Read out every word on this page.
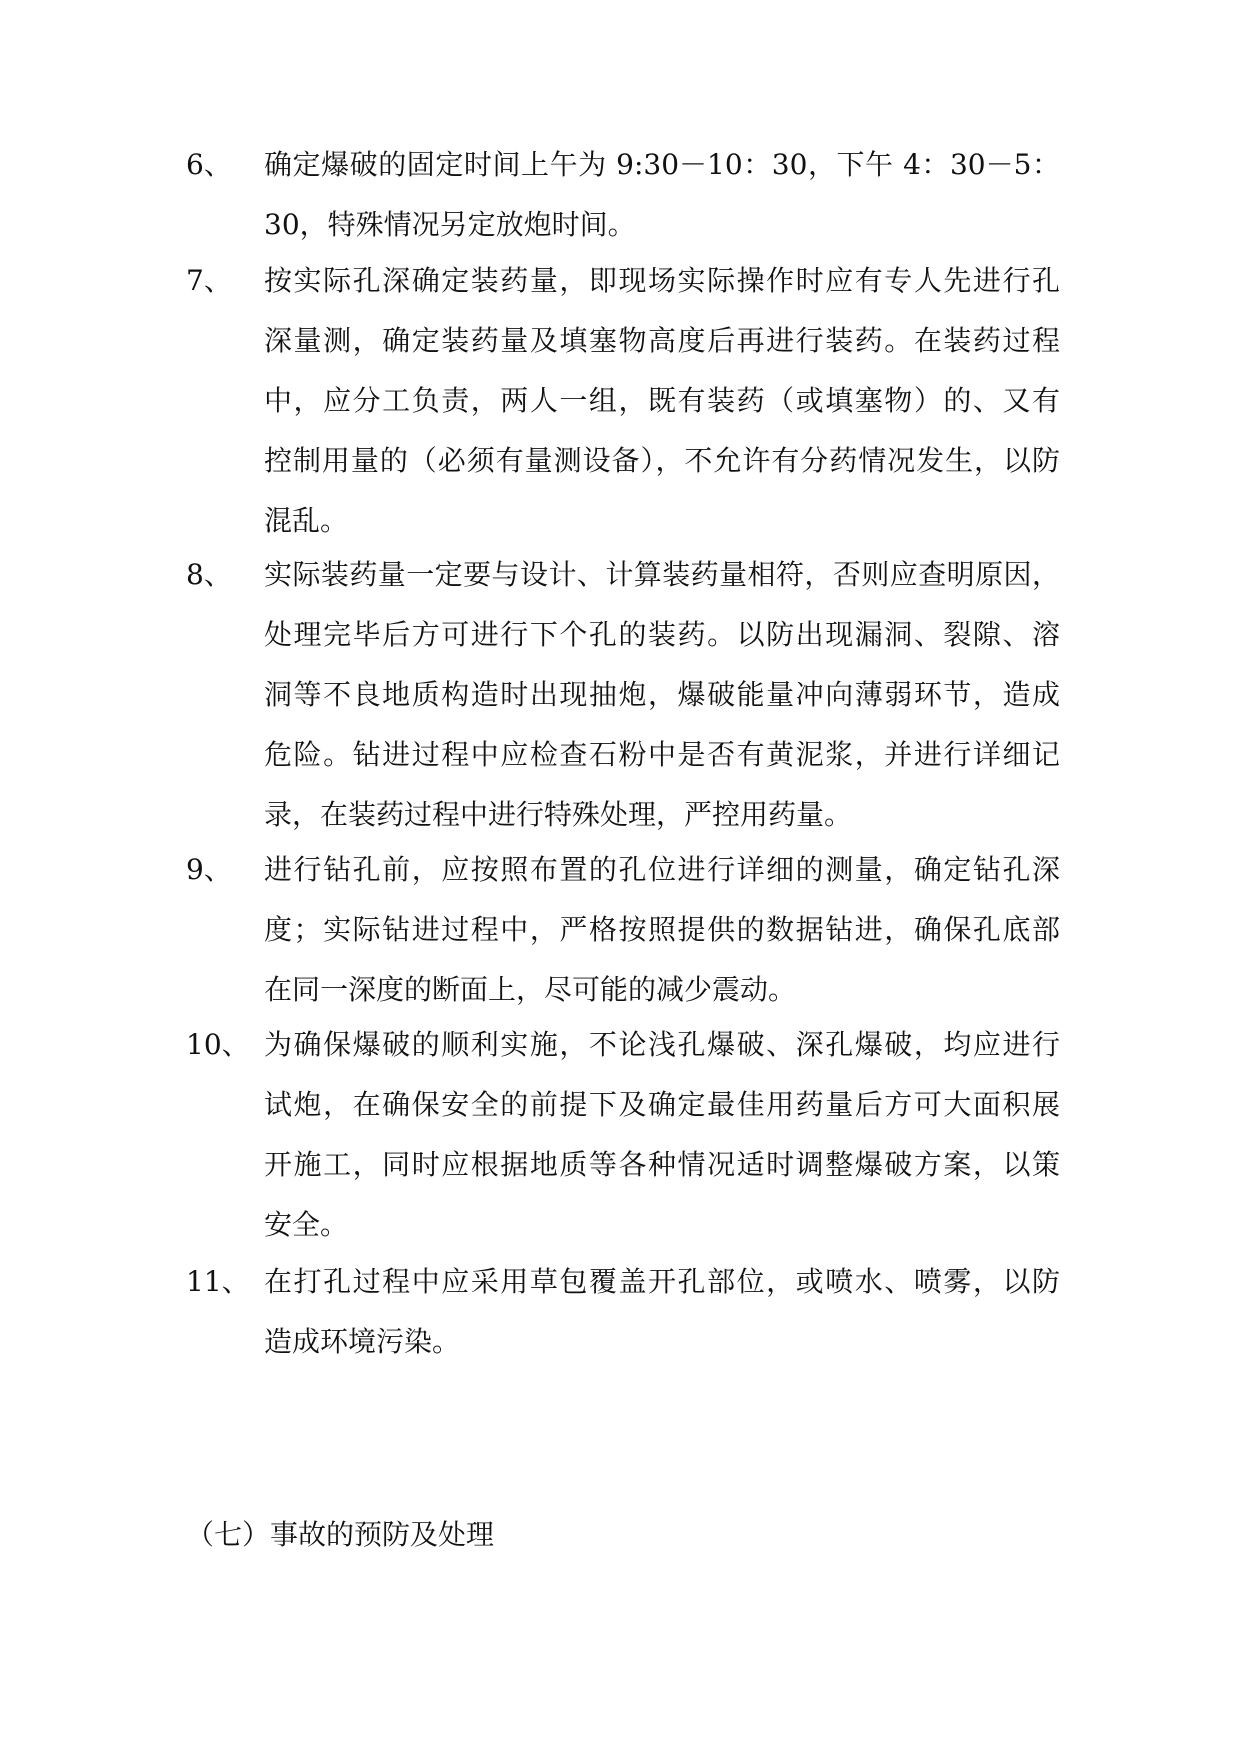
6、 确定爆破的固定时间上午为 9:30－10：30，下午 4：30－5：
30，特殊情况另定放炮时间。
7、 按实际孔深确定装药量，即现场实际操作时应有专人先进行孔
深量测，确定装药量及填塞物高度后再进行装药。在装药过程
中，应分工负责，两人一组，既有装药（或填塞物）的、又有
控制用量的（必须有量测设备），不允许有分药情况发生，以防
混乱。
8、 实际装药量一定要与设计、计算装药量相符，否则应查明原因，
处理完毕后方可进行下个孔的装药。以防出现漏洞、裂隙、溶
洞等不良地质构造时出现抽炮，爆破能量冲向薄弱环节，造成
危险。钻进过程中应检查石粉中是否有黄泥浆，并进行详细记
录，在装药过程中进行特殊处理，严控用药量。
9、 进行钻孔前，应按照布置的孔位进行详细的测量，确定钻孔深
度；实际钻进过程中，严格按照提供的数据钻进，确保孔底部
在同一深度的断面上，尽可能的减少震动。
10、 为确保爆破的顺利实施，不论浅孔爆破、深孔爆破，均应进行
试炮，在确保安全的前提下及确定最佳用药量后方可大面积展
开施工，同时应根据地质等各种情况适时调整爆破方案，以策
安全。
11、 在打孔过程中应采用草包覆盖开孔部位，或喷水、喷雾，以防
造成环境污染。
（七）事故的预防及处理
